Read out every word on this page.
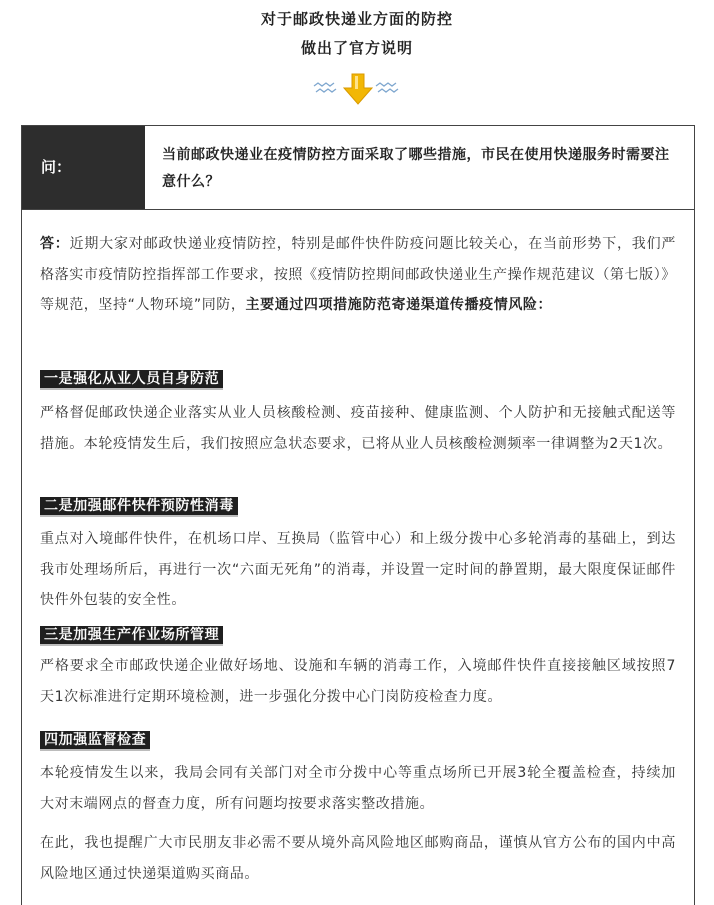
对于邮政快递业方面的防控
做出了官方说明
问：
当前邮政快递业在疫情防控方面采取了哪些措施，市民在使用快递服务时需要注意什么？
答：近期大家对邮政快递业疫情防控，特别是邮件快件防疫问题比较关心，在当前形势下，我们严格落实市疫情防控指挥部工作要求，按照《疫情防控期间邮政快递业生产操作规范建议（第七版）》等规范，坚持“人物环境”同防，主要通过四项措施防范寄递渠道传播疫情风险：
一是强化从业人员自身防范
严格督促邮政快递企业落实从业人员核酸检测、疫苗接种、健康监测、个人防护和无接触式配送等措施。本轮疫情发生后，我们按照应急状态要求，已将从业人员核酸检测频率一律调整为2天1次。
二是加强邮件快件预防性消毒
重点对入境邮件快件，在机场口岸、互换局（监管中心）和上级分拨中心多轮消毒的基础上，到达我市处理场所后，再进行一次“六面无死角”的消毒，并设置一定时间的静置期，最大限度保证邮件快件外包装的安全性。
三是加强生产作业场所管理
严格要求全市邮政快递企业做好场地、设施和车辆的消毒工作，入境邮件快件直接接触区域按照7天1次标准进行定期环境检测，进一步强化分拨中心门岗防疫检查力度。
四加强监督检查
本轮疫情发生以来，我局会同有关部门对全市分拨中心等重点场所已开展3轮全覆盖检查，持续加大对末端网点的督查力度，所有问题均按要求落实整改措施。
在此，我也提醒广大市民朋友非必需不要从境外高风险地区邮购商品，谨慎从官方公布的国内中高风险地区通过快递渠道购买商品。
